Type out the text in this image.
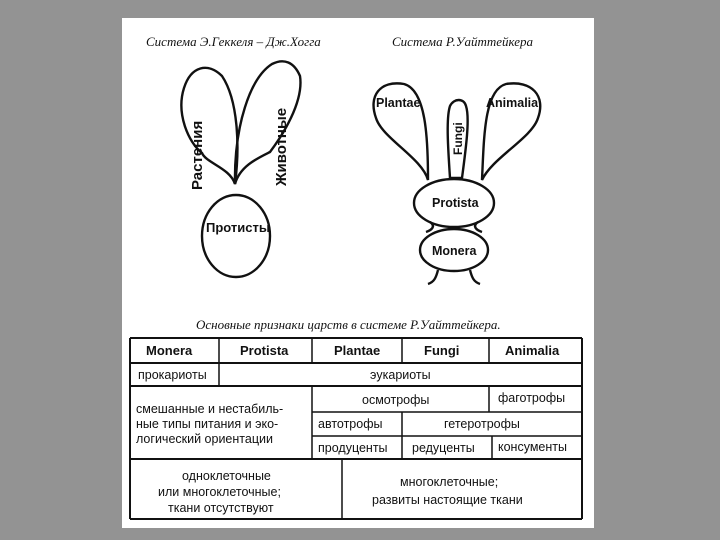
Система Э.Геккеля – Дж.Хогга
Растения	Животные
Протисты
Система Р.Уайттейкера
Plantae	Animalia
Fungi
Protista
Monera
Основные признаки царств в системе Р.Уайттейкера.
Monera	Protista	Plantae	Fungi	Animalia
прокариоты	эукариоты
смешанные и нестабиль-
ные типы питания и эко-
логический ориентации
осмотрофы	фаготрофы
автотрофы	гетеротрофы
продуценты редуценты консументы
одноклеточные
или многоклеточные;
ткани отсутствуют
многоклеточные;
развиты настоящие ткани
